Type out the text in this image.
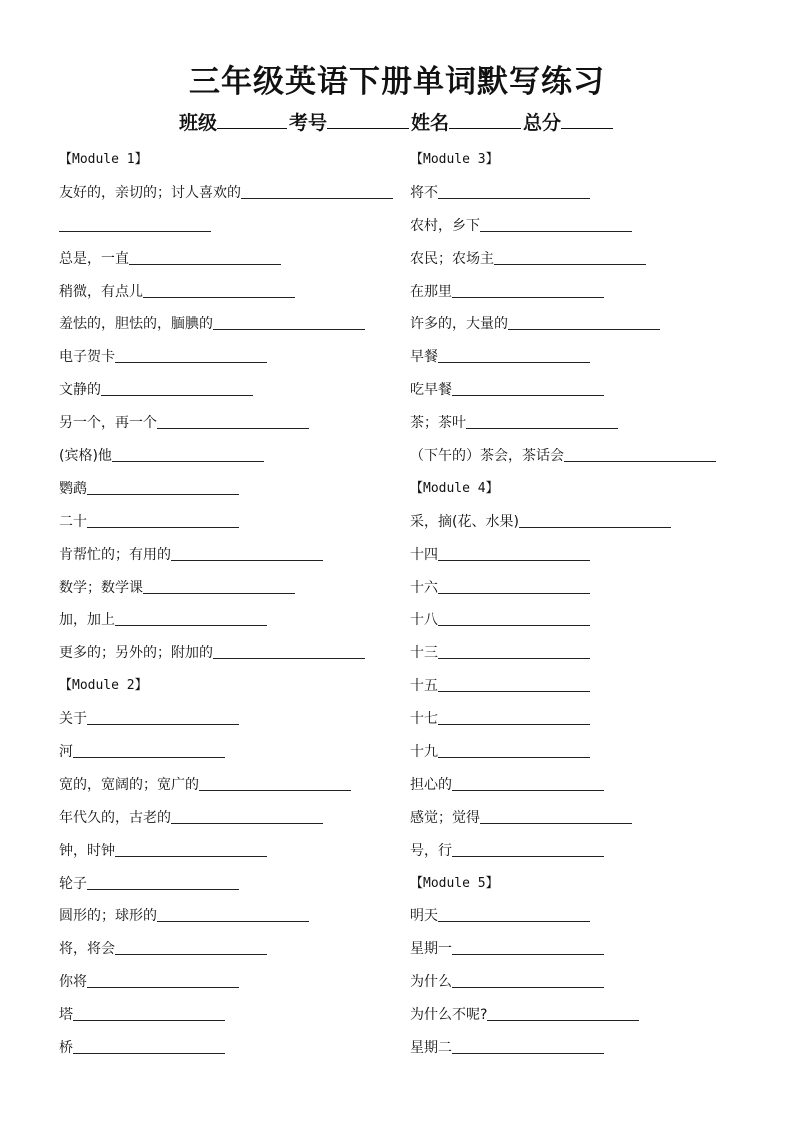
三年级英语下册单词默写练习
班级	考号	姓名	总分
【Module 1】
友好的，亲切的；讨人喜欢的
总是，一直
稍微，有点儿
羞怯的，胆怯的，腼腆的
电子贺卡
文静的
另一个，再一个
(宾格)他
鹦鹉
二十
肯帮忙的；有用的
数学；数学课
加，加上
更多的；另外的；附加的
【Module 2】
关于
河
宽的，宽阔的；宽广的
年代久的，古老的
钟，时钟
轮子
圆形的；球形的
将，将会
你将
塔
桥
【Module 3】
将不
农村，乡下
农民；农场主
在那里
许多的，大量的
早餐
吃早餐
茶；茶叶
（下午的）茶会，茶话会
【Module 4】
采，摘(花、水果)
十四
十六
十八
十三
十五
十七
十九
担心的
感觉；觉得
号，行
【Module 5】
明天
星期一
为什么
为什么不呢?
星期二
